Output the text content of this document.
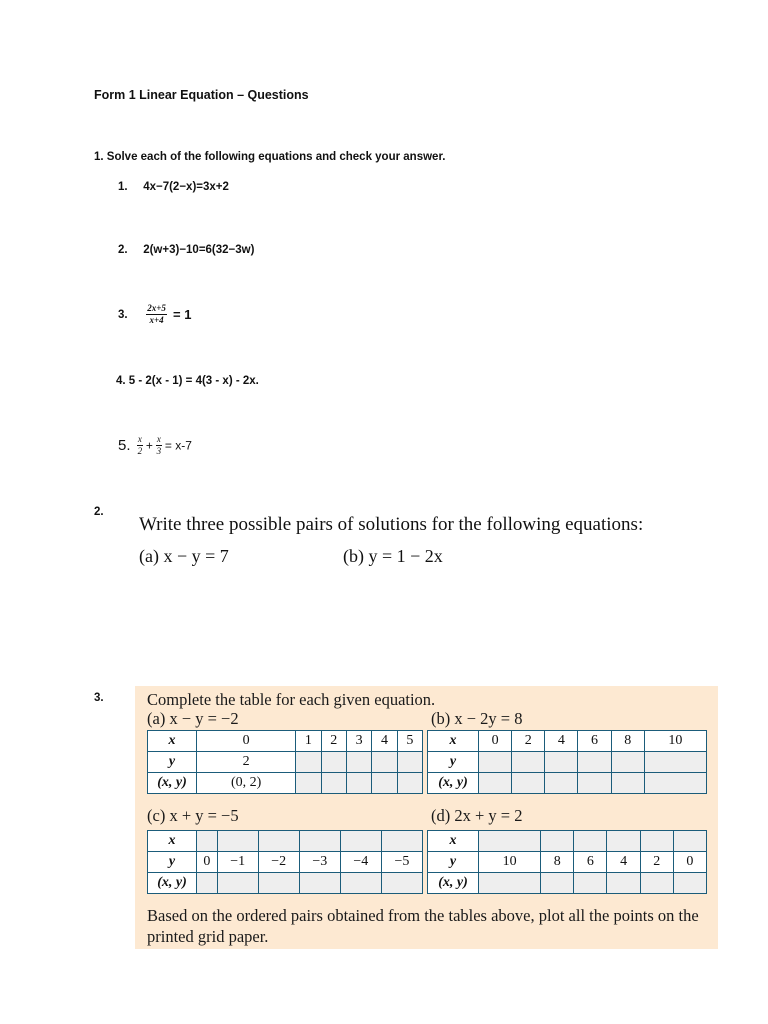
Form 1 Linear Equation – Questions
1. Solve each of the following equations and check your answer.
1. 4x−7(2−x)=3x+2
2. 2(w+3)−10=6(32−3w)
3. $\frac{2x+5}{x+4} = 1$
4. 5 - 2(x - 1) = 4(3 - x) - 2x.
5. $\frac{x}{2} + \frac{x}{3} = x-7$
2.
Write three possible pairs of solutions for the following equations:
(a) x − y = 7	(b) y = 1 − 2x
3.	Complete the table for each given equation.
(a) x − y = −2	(b) x − 2y = 8
x	0	1	2	3	4	5
y	2					
(x, y)	(0, 2)					
x	0	2	4	6	8	10
y						
(x, y)						
(c) x + y = −5	(d) 2x + y = 2
x						
y	0	−1	−2	−3	−4	−5
(x, y)						
x						
y	10	8	6	4	2	0
(x, y)						
Based on the ordered pairs obtained from the tables above, plot all the points on the printed grid paper.
